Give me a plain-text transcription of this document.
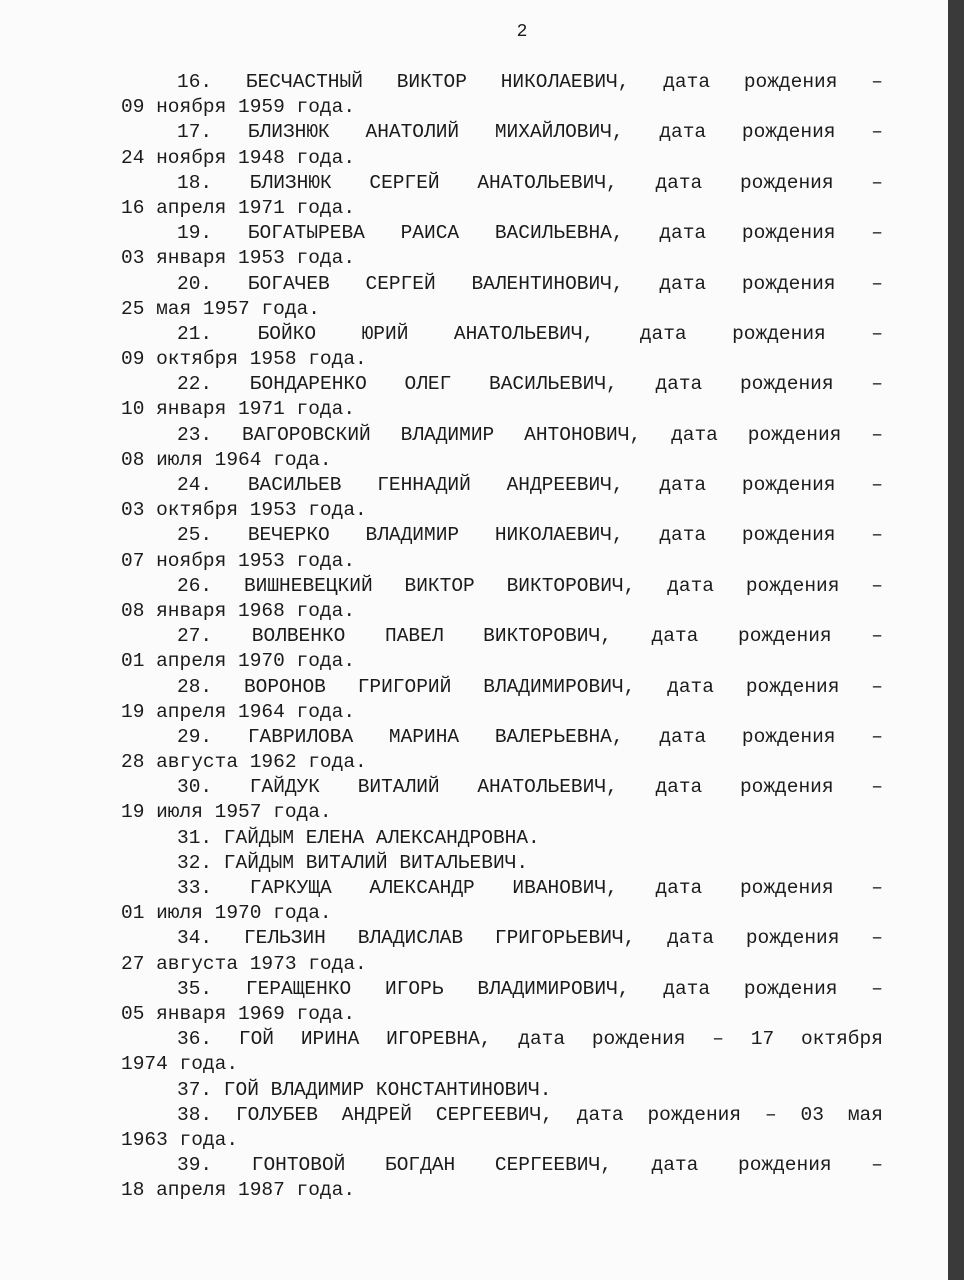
2
16. БЕСЧАСТНЫЙ ВИКТОР НИКОЛАЕВИЧ, дата рождения –
09 ноября 1959 года.
17. БЛИЗНЮК АНАТОЛИЙ МИХАЙЛОВИЧ, дата рождения –
24 ноября 1948 года.
18. БЛИЗНЮК СЕРГЕЙ АНАТОЛЬЕВИЧ, дата рождения –
16 апреля 1971 года.
19. БОГАТЫРЕВА РАИСА ВАСИЛЬЕВНА, дата рождения –
03 января 1953 года.
20. БОГАЧЕВ СЕРГЕЙ ВАЛЕНТИНОВИЧ, дата рождения –
25 мая 1957 года.
21. БОЙКО ЮРИЙ АНАТОЛЬЕВИЧ, дата рождения –
09 октября 1958 года.
22. БОНДАРЕНКО ОЛЕГ ВАСИЛЬЕВИЧ, дата рождения –
10 января 1971 года.
23. ВАГОРОВСКИЙ ВЛАДИМИР АНТОНОВИЧ, дата рождения –
08 июля 1964 года.
24. ВАСИЛЬЕВ ГЕННАДИЙ АНДРЕЕВИЧ, дата рождения –
03 октября 1953 года.
25. ВЕЧЕРКО ВЛАДИМИР НИКОЛАЕВИЧ, дата рождения –
07 ноября 1953 года.
26. ВИШНЕВЕЦКИЙ ВИКТОР ВИКТОРОВИЧ, дата рождения –
08 января 1968 года.
27. ВОЛВЕНКО ПАВЕЛ ВИКТОРОВИЧ, дата рождения –
01 апреля 1970 года.
28. ВОРОНОВ ГРИГОРИЙ ВЛАДИМИРОВИЧ, дата рождения –
19 апреля 1964 года.
29. ГАВРИЛОВА МАРИНА ВАЛЕРЬЕВНА, дата рождения –
28 августа 1962 года.
30. ГАЙДУК ВИТАЛИЙ АНАТОЛЬЕВИЧ, дата рождения –
19 июля 1957 года.
31. ГАЙДЫМ ЕЛЕНА АЛЕКСАНДРОВНА.
32. ГАЙДЫМ ВИТАЛИЙ ВИТАЛЬЕВИЧ.
33. ГАРКУЩА АЛЕКСАНДР ИВАНОВИЧ, дата рождения –
01 июля 1970 года.
34. ГЕЛЬЗИН ВЛАДИСЛАВ ГРИГОРЬЕВИЧ, дата рождения –
27 августа 1973 года.
35. ГЕРАЩЕНКО ИГОРЬ ВЛАДИМИРОВИЧ, дата рождения –
05 января 1969 года.
36. ГОЙ ИРИНА ИГОРЕВНА, дата рождения – 17 октября
1974 года.
37. ГОЙ ВЛАДИМИР КОНСТАНТИНОВИЧ.
38. ГОЛУБЕВ АНДРЕЙ СЕРГЕЕВИЧ, дата рождения – 03 мая
1963 года.
39. ГОНТОВОЙ БОГДАН СЕРГЕЕВИЧ, дата рождения –
18 апреля 1987 года.
